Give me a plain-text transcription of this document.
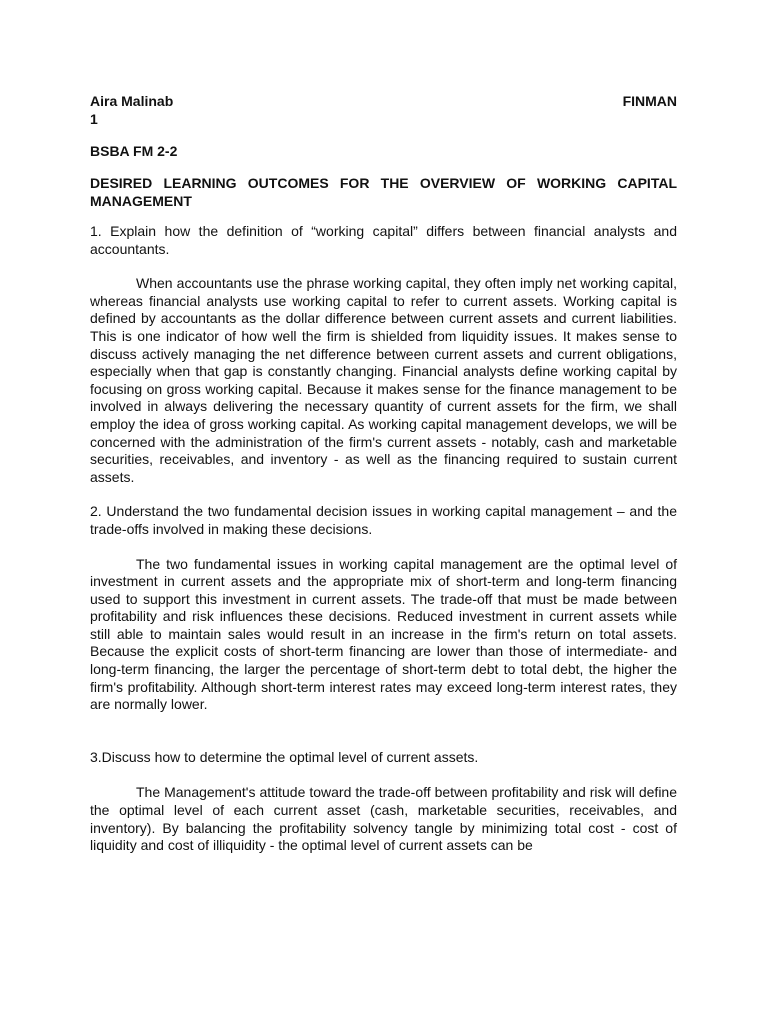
Aira Malinab	FINMAN
1
BSBA FM 2-2
DESIRED LEARNING OUTCOMES FOR THE OVERVIEW OF WORKING CAPITAL MANAGEMENT
1. Explain how the definition of “working capital” differs between financial analysts and accountants.
When accountants use the phrase working capital, they often imply net working capital, whereas financial analysts use working capital to refer to current assets. Working capital is defined by accountants as the dollar difference between current assets and current liabilities. This is one indicator of how well the firm is shielded from liquidity issues. It makes sense to discuss actively managing the net difference between current assets and current obligations, especially when that gap is constantly changing. Financial analysts define working capital by focusing on gross working capital. Because it makes sense for the finance management to be involved in always delivering the necessary quantity of current assets for the firm, we shall employ the idea of gross working capital. As working capital management develops, we will be concerned with the administration of the firm's current assets - notably, cash and marketable securities, receivables, and inventory - as well as the financing required to sustain current assets.
2. Understand the two fundamental decision issues in working capital management – and the trade-offs involved in making these decisions.
The two fundamental issues in working capital management are the optimal level of investment in current assets and the appropriate mix of short-term and long-term financing used to support this investment in current assets. The trade-off that must be made between profitability and risk influences these decisions. Reduced investment in current assets while still able to maintain sales would result in an increase in the firm's return on total assets. Because the explicit costs of short-term financing are lower than those of intermediate- and long-term financing, the larger the percentage of short-term debt to total debt, the higher the firm's profitability. Although short-term interest rates may exceed long-term interest rates, they are normally lower.
3.Discuss how to determine the optimal level of current assets.
The Management's attitude toward the trade-off between profitability and risk will define the optimal level of each current asset (cash, marketable securities, receivables, and inventory). By balancing the profitability solvency tangle by minimizing total cost - cost of liquidity and cost of illiquidity - the optimal level of current assets can be
